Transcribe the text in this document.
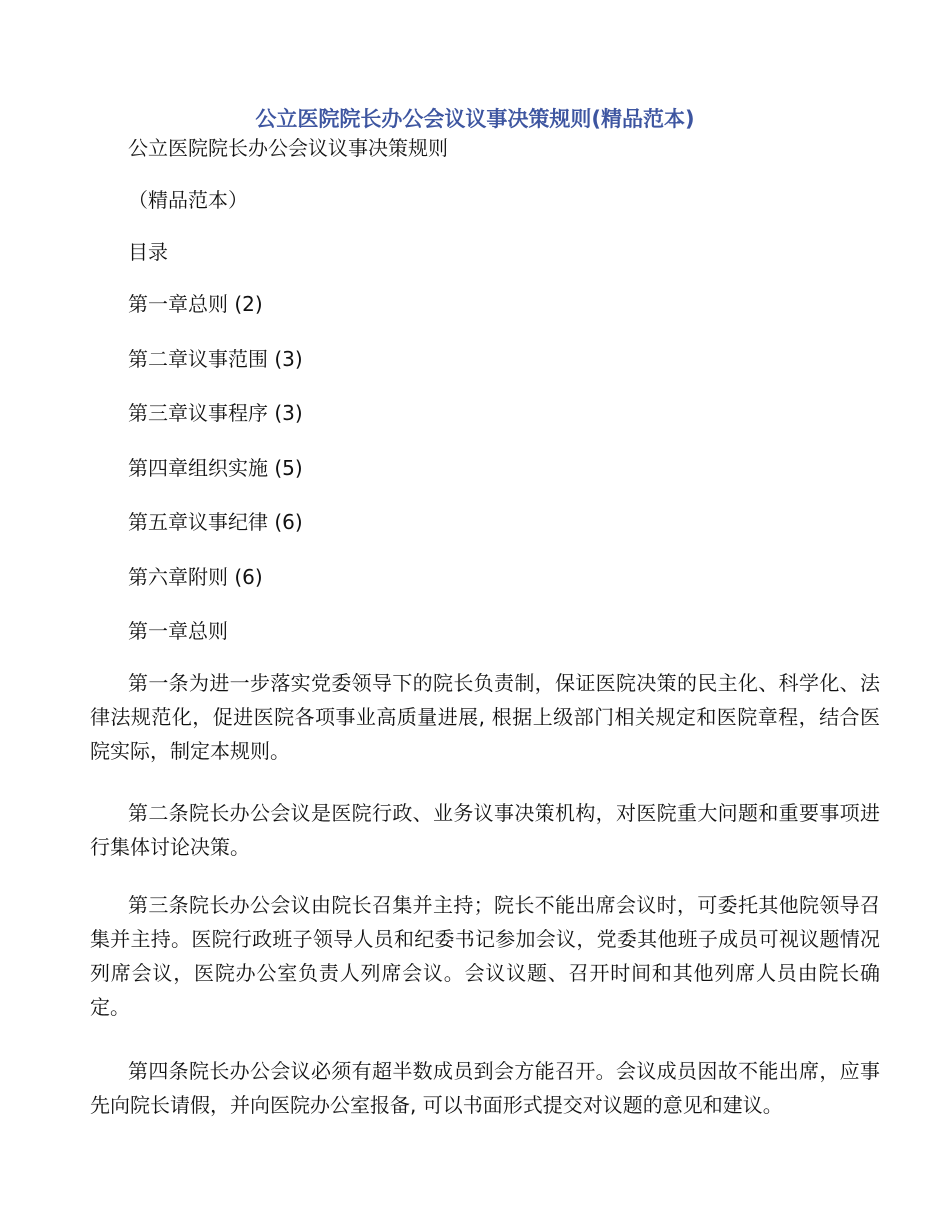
公立医院院长办公会议议事决策规则(精品范本)
公立医院院长办公会议议事决策规则
（精品范本）
目录
第一章总则 (2)
第二章议事范围 (3)
第三章议事程序 (3)
第四章组织实施 (5)
第五章议事纪律 (6)
第六章附则 (6)
第一章总则
第一条为进一步落实党委领导下的院长负责制，保证医院决策的民主化、科学化、法律法规范化，促进医院各项事业高质量进展, 根据上级部门相关规定和医院章程，结合医院实际，制定本规则。
第二条院长办公会议是医院行政、业务议事决策机构，对医院重大问题和重要事项进行集体讨论决策。
第三条院长办公会议由院长召集并主持；院长不能出席会议时，可委托其他院领导召集并主持。医院行政班子领导人员和纪委书记参加会议，党委其他班子成员可视议题情况列席会议，医院办公室负责人列席会议。会议议题、召开时间和其他列席人员由院长确定。
第四条院长办公会议必须有超半数成员到会方能召开。会议成员因故不能出席，应事先向院长请假，并向医院办公室报备, 可以书面形式提交对议题的意见和建议。
